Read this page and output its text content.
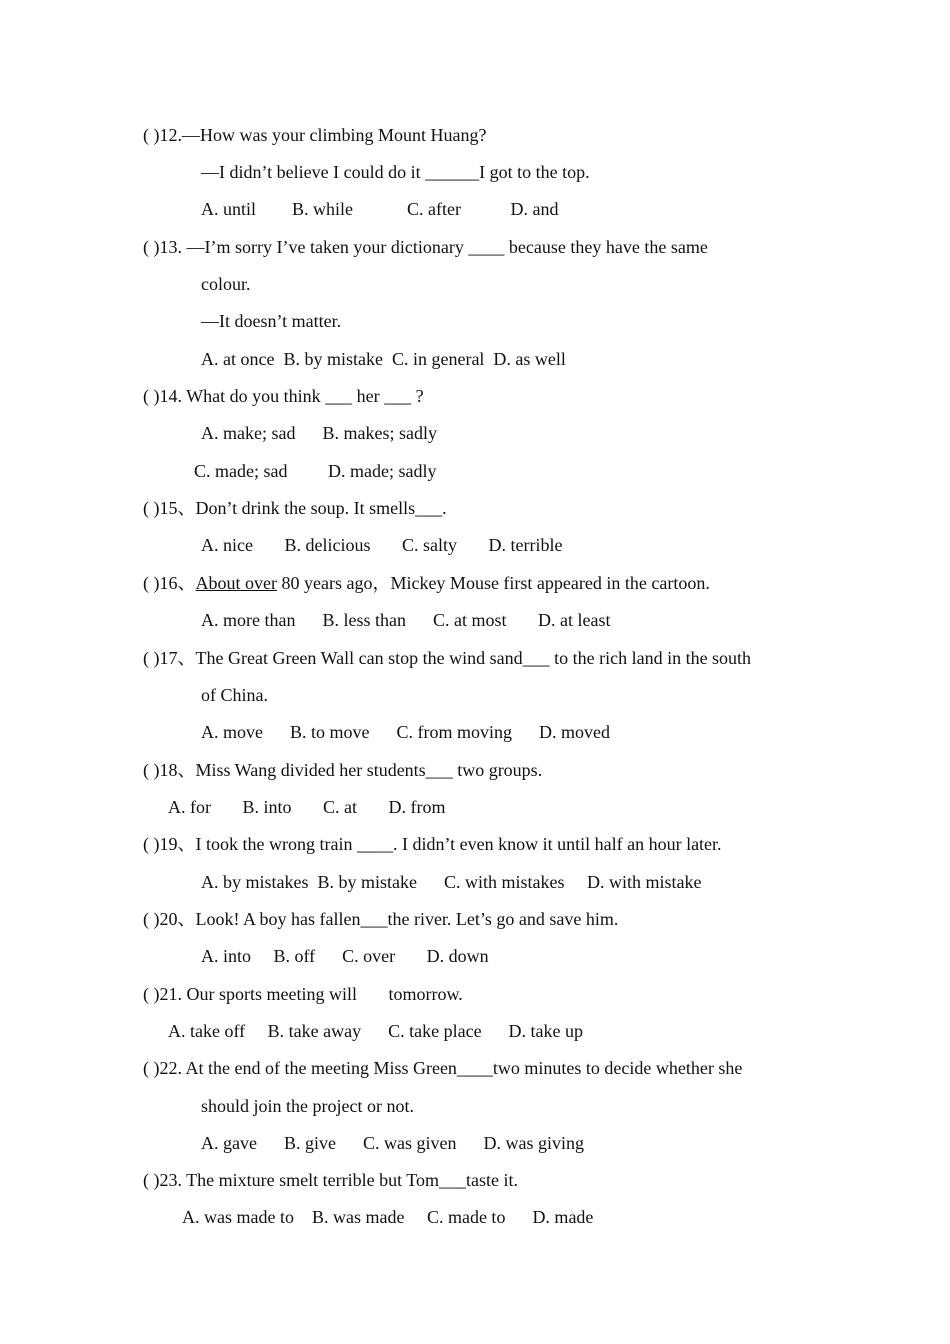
( )12.—How was your climbing Mount Huang?
—I didn’t believe I could do it ______I got to the top.
A. until        B. while            C. after           D. and
( )13. —I’m sorry I’ve taken your dictionary ____ because they have the same
colour.
—It doesn’t matter.
A. at once  B. by mistake  C. in general  D. as well
( )14. What do you think ___ her ___ ?
A. make; sad      B. makes; sadly
C. made; sad         D. made; sadly
( )15、Don’t drink the soup. It smells___.
A. nice       B. delicious       C. salty       D. terrible
( )16、About over 80 years ago，Mickey Mouse first appeared in the cartoon.
A. more than      B. less than      C. at most       D. at least
( )17、The Great Green Wall can stop the wind sand___ to the rich land in the south
of China.
A. move      B. to move      C. from moving      D. moved
( )18、Miss Wang divided her students___ two groups.
A. for       B. into       C. at       D. from
( )19、I took the wrong train ____. I didn’t even know it until half an hour later.
A. by mistakes  B. by mistake      C. with mistakes     D. with mistake
( )20、Look! A boy has fallen___the river. Let’s go and save him.
A. into     B. off      C. over       D. down
( )21. Our sports meeting will       tomorrow.
A. take off     B. take away      C. take place      D. take up
( )22. At the end of the meeting Miss Green____two minutes to decide whether she
should join the project or not.
A. gave      B. give      C. was given      D. was giving
( )23. The mixture smelt terrible but Tom___taste it.
A. was made to    B. was made     C. made to      D. made
